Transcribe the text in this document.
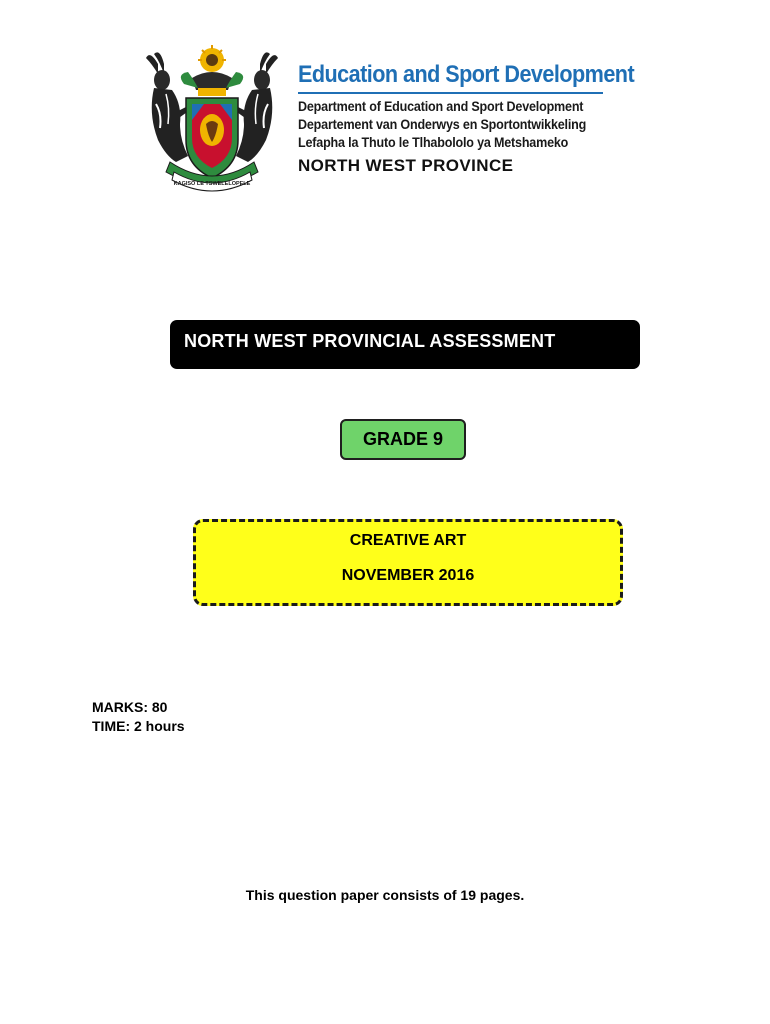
KAGISO LE TSWELELOPELE
Education and Sport Development
Department of Education and Sport Development
Departement van Onderwys en Sportontwikkeling
Lefapha la Thuto le Tlhabololo ya Metshameko
NORTH WEST PROVINCE
NORTH WEST PROVINCIAL ASSESSMENT
GRADE 9
CREATIVE ART
NOVEMBER 2016
MARKS: 80
TIME: 2 hours
This question paper consists of 19 pages.
